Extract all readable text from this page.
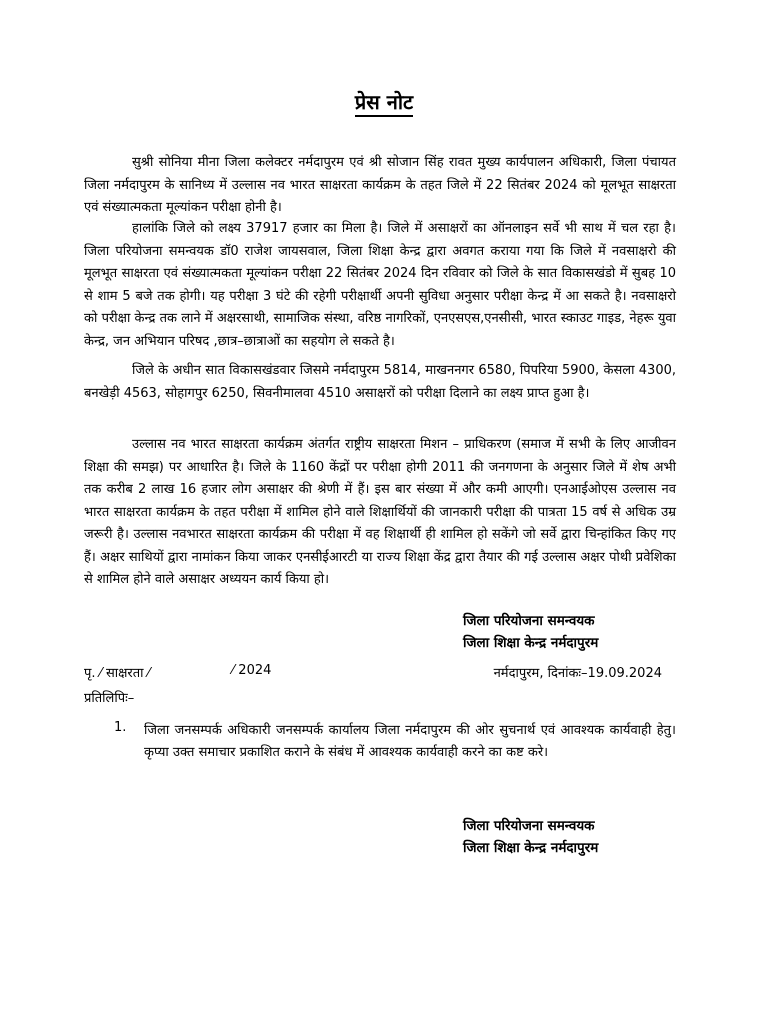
प्रेस नोट

सुश्री सोनिया मीना जिला कलेक्टर नर्मदापुरम एवं श्री सोजान सिंह रावत मुख्य कार्यपालन अधिकारी, जिला पंचायत जिला नर्मदापुरम के सानिध्य में उल्लास नव भारत साक्षरता कार्यक्रम के तहत जिले में 22 सितंबर 2024 को मूलभूत साक्षरता एवं संख्यात्मकता मूल्यांकन परीक्षा होनी है।

हालांकि जिले को लक्ष्य 37917 हजार का मिला है। जिले में असाक्षरों का ऑनलाइन सर्वे भी साथ में चल रहा है। जिला परियोजना समन्वयक डॉ0 राजेश जायसवाल, जिला शिक्षा केन्द्र द्वारा अवगत कराया गया कि जिले में नवसाक्षरो की मूलभूत साक्षरता एवं संख्यात्मकता मूल्यांकन परीक्षा 22 सितंबर 2024 दिन रविवार को जिले के सात विकासखंडो में सुबह 10 से शाम 5 बजे तक होगी। यह परीक्षा 3 घंटे की रहेगी परीक्षार्थी अपनी सुविधा अनुसार परीक्षा केन्द्र में आ सकते है। नवसाक्षरो को परीक्षा केन्द्र तक लाने में अक्षरसाथी, सामाजिक संस्था, वरिष्ठ नागरिकों, एनएसएस,एनसीसी, भारत स्काउट गाइड, नेहरू युवा केन्द्र, जन अभियान परिषद ,छात्र–छात्राओं का सहयोग ले सकते है।

जिले के अधीन सात विकासखंडवार जिसमे नर्मदापुरम 5814, माखननगर 6580, पिपरिया 5900, केसला 4300, बनखेड़ी 4563, सोहागपुर 6250, सिवनीमालवा 4510 असाक्षरों को परीक्षा दिलाने का लक्ष्य प्राप्त हुआ है।

उल्लास नव भारत साक्षरता कार्यक्रम अंतर्गत राष्ट्रीय साक्षरता मिशन – प्राधिकरण (समाज में सभी के लिए आजीवन शिक्षा की समझ) पर आधारित है। जिले के 1160 केंद्रों पर परीक्षा होगी 2011 की जनगणना के अनुसार जिले में शेष अभी तक करीब 2 लाख 16 हजार लोग असाक्षर की श्रेणी में हैं। इस बार संख्या में और कमी आएगी। एनआईओएस उल्लास नव भारत साक्षरता कार्यक्रम के तहत परीक्षा में शामिल होने वाले शिक्षार्थियों की जानकारी परीक्षा की पात्रता 15 वर्ष से अधिक उम्र जरूरी है। उल्लास नवभारत साक्षरता कार्यक्रम की परीक्षा में वह शिक्षार्थी ही शामिल हो सकेंगे जो सर्वे द्वारा चिन्हांकित किए गए हैं। अक्षर साथियों द्वारा नामांकन किया जाकर एनसीईआरटी या राज्य शिक्षा केंद्र द्वारा तैयार की गई उल्लास अक्षर पोथी प्रवेशिका से शामिल होने वाले असाक्षर अध्ययन कार्य किया हो।

जिला परियोजना समन्वयक
जिला शिक्षा केन्द्र नर्मदापुरम
पृ. ⁄ साक्षरता ⁄	⁄ 2024	नर्मदापुरम, दिनांकः–19.09.2024
प्रतिलिपिः–
1. जिला जनसम्पर्क अधिकारी जनसम्पर्क कार्यालय जिला नर्मदापुरम की ओर सुचनार्थ एवं आवश्यक कार्यवाही हेतु। कृप्या उक्त समाचार प्रकाशित कराने के संबंध में आवश्यक कार्यवाही करने का कष्ट करे।

जिला परियोजना समन्वयक
जिला शिक्षा केन्द्र नर्मदापुरम
